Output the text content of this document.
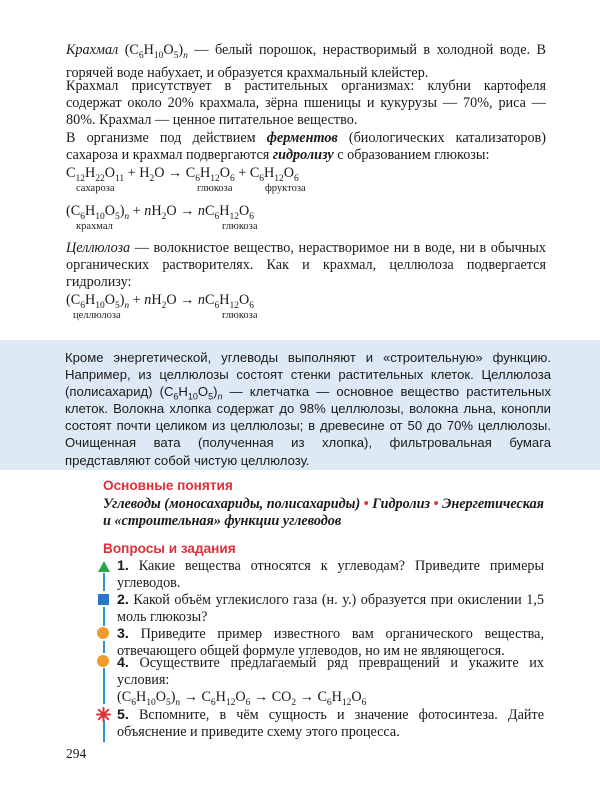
Крахмал $(C_6H_{10}O_5)_n$ — белый порошок, нерастворимый в холодной воде. В горячей воде набухает, и образуется крахмальный клейстер.

Крахмал присутствует в растительных организмах: клубни картофеля содержат около 20% крахмала, зёрна пшеницы и кукурузы — 70%, риса — 80%. Крахмал — ценное питательное вещество.

В организме под действием ферментов (биологических катализаторов) сахароза и крахмал подвергаются гидролизу с образованием глюкозы:

$C_{12}H_{22}O_{11} + H_2O \to C_6H_{12}O_6 + C_6H_{12}O_6$
сахароза	глюкоза	фруктоза
$(C_6H_{10}O_5)_n + nH_2O \to nC_6H_{12}O_6$
крахмал	глюкоза

Целлюлоза — волокнистое вещество, нерастворимое ни в воде, ни в обычных органических растворителях. Как и крахмал, целлюлоза подвергается гидролизу:

$(C_6H_{10}O_5)_n + nH_2O \to nC_6H_{12}O_6$
целлюлоза	глюкоза
Кроме энергетической, углеводы выполняют и «строительную» функцию. Например, из целлюлозы состоят стенки растительных клеток. Целлюлоза (полисахарид) $(C_6H_{10}O_5)_n$ — клетчатка — основное вещество растительных клеток. Волокна хлопка содержат до 98% целлюлозы, волокна льна, конопли состоят почти целиком из целлюлозы; в древесине от 50 до 70% целлюлозы. Очищенная вата (полученная из хлопка), фильтровальная бумага представляют собой чистую целлюлозу.
Основные понятия
Углеводы (моносахариды, полисахариды) • Гидролиз • Энергетическая и «строительная» функции углеводов
Вопросы и задания
1. Какие вещества относятся к углеводам? Приведите примеры углеводов.
2. Какой объём углекислого газа (н. у.) образуется при окислении 1,5 моль глюкозы?
3. Приведите пример известного вам органического вещества, отвечающего общей формуле углеводов, но им не являющегося.
4. Осуществите предлагаемый ряд превращений и укажите их условия:
$(C_6H_{10}O_5)_n \to C_6H_{12}O_6 \to CO_2 \to C_6H_{12}O_6$
5. Вспомните, в чём сущность и значение фотосинтеза. Дайте объяснение и приведите схему этого процесса.
294
